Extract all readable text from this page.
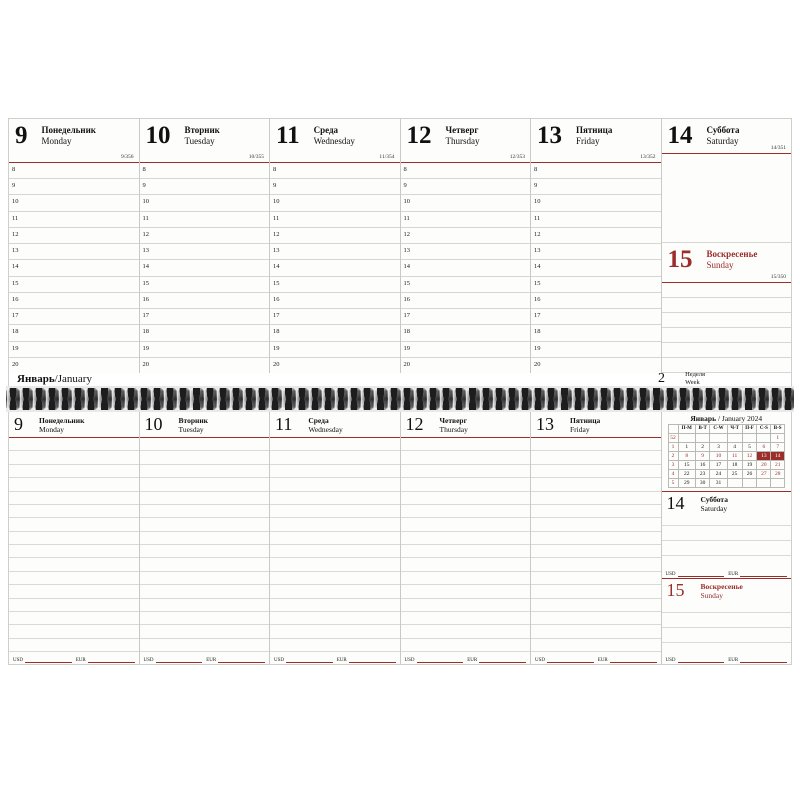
9 Понедельник
Monday
9/356
8
9
10
11
12
13
14
15
16
17
18
19
20
10 Вторник
Tuesday
10/355
8
9
10
11
12
13
14
15
16
17
18
19
20
11 Среда
Wednesday
11/354
8
9
10
11
12
13
14
15
16
17
18
19
20
12 Четверг
Thursday
12/353
8
9
10
11
12
13
14
15
16
17
18
19
20
13 Пятница
Friday
13/352
8
9
10
11
12
13
14
15
16
17
18
19
20
14 Суббота
Saturday
14/351
15 Воскресенье
Sunday
15/350
Январь/January	2	Неделя
Week
9 Понедельник
Monday
USD	EUR
10 Вторник
Tuesday
USD	EUR
11 Среда
Wednesday
USD	EUR
12 Четверг
Thursday
USD	EUR
13 Пятница
Friday
USD	EUR
Январь / January 2024
	П-М	В-Т	С-W	Ч-T	П-F	С-S	В-S
52							1
1	1	2	3	4	5	6	7
2	8	9	10	11	12	13	14
3	15	16	17	18	19	20	21
4	22	23	24	25	26	27	28
5	29	30	31				
14 Суббота
Saturday
USD	EUR
15 Воскресенье
Sunday
USD	EUR
